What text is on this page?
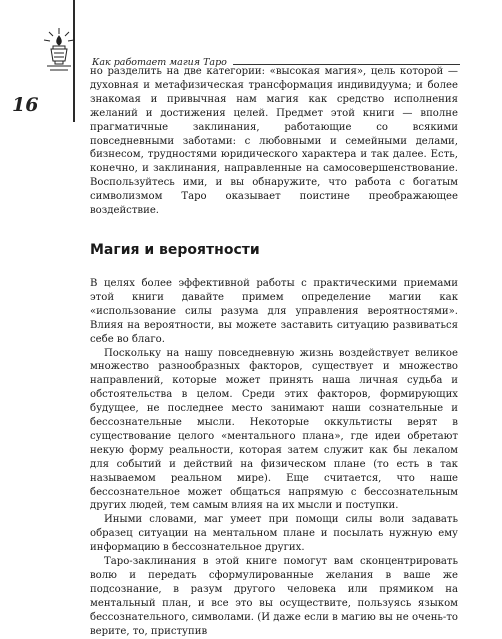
16
Как работает магия Таро

но разделить на две категории: «высокая магия», цель которой — духовная и метафизическая трансформация индивидуума; и более знакомая и привычная нам магия как средство исполнения желаний и достижения целей. Предмет этой книги — вполне прагматичные заклинания, работающие со всякими повседневными заботами: с любовными и семейными делами, бизнесом, трудностями юридического характера и так далее. Есть, конечно, и заклинания, направленные на самосовершенствование. Воспользуйтесь ими, и вы обнаружите, что работа с богатым символизмом Таро оказывает поистине преображающее воздействие.

Магия и вероятности

В целях более эффективной работы с практическими приемами этой книги давайте примем определение магии как «использование силы разума для управления вероятностями». Влияя на вероятности, вы можете заставить ситуацию развиваться себе во благо.

Поскольку на нашу повседневную жизнь воздействует великое множество разнообразных факторов, существует и множество направлений, которые может принять наша личная судьба и обстоятельства в целом. Среди этих факторов, формирующих будущее, не последнее место занимают наши сознательные и бессознательные мысли. Некоторые оккультисты верят в существование целого «ментального плана», где идеи обретают некую форму реальности, которая затем служит как бы лекалом для событий и действий на физическом плане (то есть в так называемом реальном мире). Еще считается, что наше бессознательное может общаться напрямую с бессознательным других людей, тем самым влияя на их мысли и поступки.

Иными словами, маг умеет при помощи силы воли задавать образец ситуации на ментальном плане и посылать нужную ему информацию в бессознательное других.

Таро-заклинания в этой книге помогут вам сконцентрировать волю и передать сформулированные желания в ваше же подсознание, в разум другого человека или прямиком на ментальный план, и все это вы осуществите, пользуясь языком бессознательного, символами. (И даже если в магию вы не очень-то верите, то, приступив
